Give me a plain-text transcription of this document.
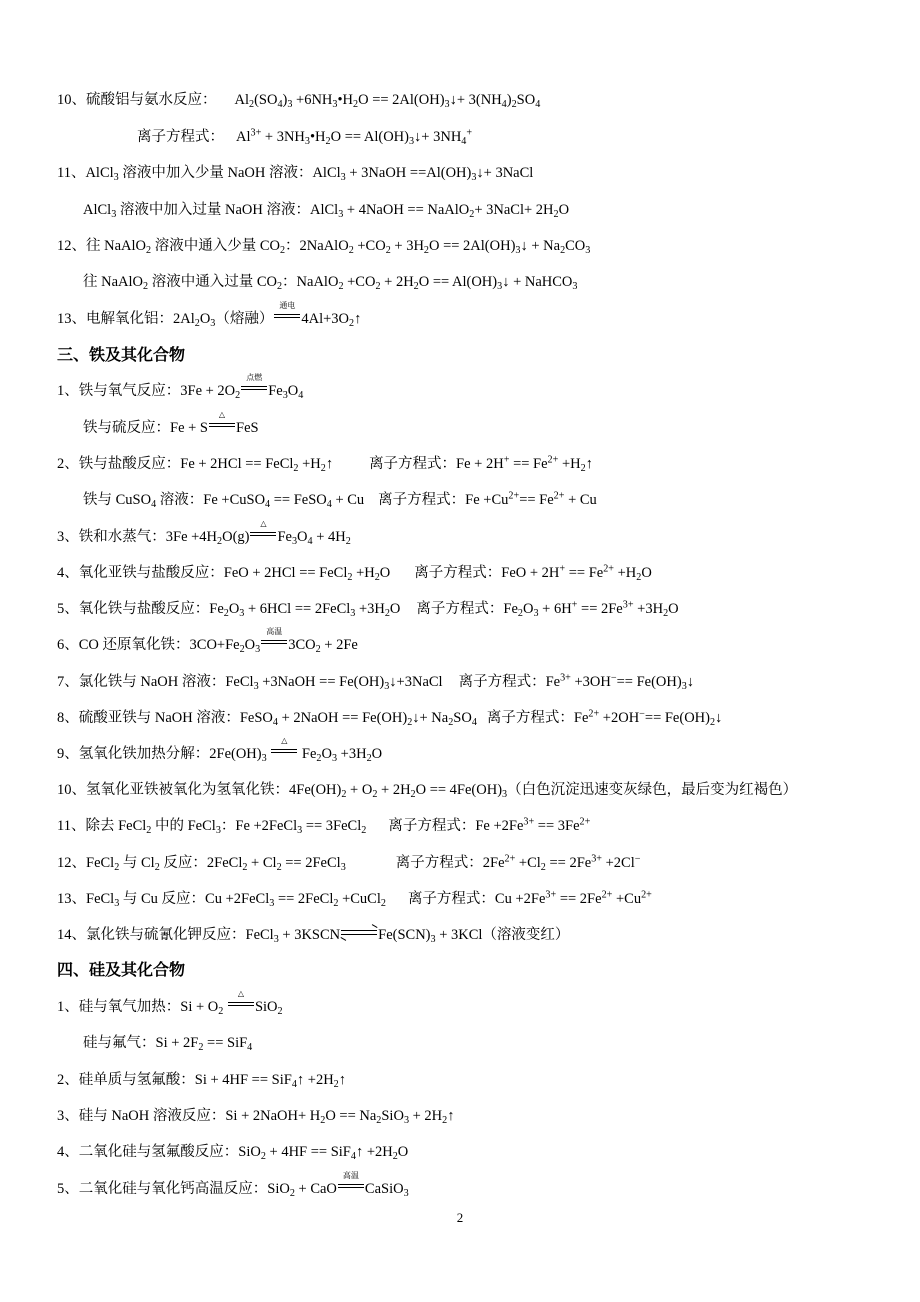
10、硫酸铝与氨水反应： $Al_2(SO_4)_3$ $+6NH_3•H_2O$ == $2Al(OH)_3↓+ 3(NH_4)_2SO_4$
离子方程式： $Al^{3+}$ + $3NH_3•H_2O$ == $Al(OH)_3↓+ 3NH_4^+$
11、AlCl$_3$ 溶液中加入少量 NaOH 溶液：AlCl$_3$ + 3NaOH $==Al(OH)_3↓+$ 3NaCl
AlCl$_3$ 溶液中加入过量 NaOH 溶液：AlCl$_3$ + 4NaOH == NaAlO$_2$+ 3NaCl+ $2H_2O$
12、往 NaAlO$_2$ 溶液中通入少量 $CO_2$：2NaAlO$_2$ $+CO_2 + 3H_2O$ == $2Al(OH)_3↓ + Na_2CO_3$
往 NaAlO$_2$ 溶液中通入过量 $CO_2$：NaAlO$_2$ $+CO_2 + 2H_2O$ == $Al(OH)_3↓$ + NaHCO$_3$
13、电解氧化铝：$2Al_2O_3$（熔融）
通电
$4Al+3O_2↑$
1、铁与氧气反应：$3Fe + 2O_2$
点燃
$Fe_3O_4$
铁与硫反应：Fe + S
△
FeS
2、铁与盐酸反应：Fe + 2HCl == FeCl$_2$ $+H_2↑$ 离子方程式：$Fe + 2H^+ == Fe^{2+}$ $+H_2↑$
铁与 CuSO$_4$ 溶液：Fe +CuSO$_4$ == FeSO$_4$ + Cu 离子方程式：$Fe +Cu^{2+}== Fe^{2+} + Cu$
3、铁和水蒸气：$3Fe +4H_2O(g)$
△
$Fe_3O_4 + 4H_2$
4、氧化亚铁与盐酸反应：FeO + 2HCl == FeCl$_2$ $+H_2O$ 离子方程式：FeO + $2H^+ == Fe^{2+} +H_2O$
5、氧化铁与盐酸反应：$Fe_2O_3 + 6HCl$ == 2FeCl$_3$ $+3H_2O$ 离子方程式：$Fe_2O_3 + 6H^+ == 2Fe^{3+} +3H_2O$
6、CO 还原氧化铁：$3CO+Fe_2O_3$
高温
$3CO_2 + 2Fe$
7、氯化铁与 NaOH 溶液：FeCl$_3$ +3NaOH == $Fe(OH)_3↓+3NaCl$ 离子方程式：$Fe^{3+} +3OH^-==$ $Fe(OH)_3↓$
8、硫酸亚铁与 NaOH 溶液：FeSO$_4$ + 2NaOH == $Fe(OH)_2↓+ Na_2SO_4$ 离子方程式：$Fe^{2+} +2OH^-==$ $Fe(OH)_2↓$
9、氢氧化铁加热分解：$2Fe(OH)_3$
△
$Fe_2O_3 +3H_2O$
10、氢氧化亚铁被氧化为氢氧化铁：$4Fe(OH)_2 + O_2 + 2H_2O == 4Fe(OH)_3$（白色沉淀迅速变灰绿色，最后变为红褐色）
11、除去 FeCl$_2$ 中的 FeCl$_3$：Fe +2FeCl$_3$ == 3FeCl$_2$ 离子方程式：$Fe +2Fe^{3+} == 3Fe^{2+}$
12、FeCl$_2$ 与 $Cl_2$ 反应：2FeCl$_2$ + $Cl_2$ == 2FeCl$_3$	离子方程式：$2Fe^{2+} +Cl_2 == 2Fe^{3+} +2Cl^-$
13、FeCl$_3$ 与 Cu 反应：Cu +2FeCl$_3$ == 2FeCl$_2$ +CuCl$_2$ 离子方程式：$Cu +2Fe^{3+} == 2Fe^{2+} +Cu^{2+}$
14、氯化铁与硫氰化钾反应：FeCl$_3$ + $3KSCN\rightleftharpoons Fe(SCN)_3 + 3KCl$（溶液变红）
1、硅与氧气加热：$Si + O_2$
△
SiO$_2$
硅与氟气：$Si + 2F_2 == SiF_4$
2、硅单质与氢氟酸：Si + 4HF == SiF$_4$↑ $+2H_2↑$
3、硅与 NaOH 溶液反应：Si + 2NaOH+ $H_2O == Na_2SiO_3$ + $2H_2↑$
4、二氧化硅与氢氟酸反应：SiO$_2$ + 4HF == SiF$_4$↑ $+2H_2O$
5、二氧化硅与氧化钙高温反应：SiO$_2$ + CaO
高温
CaSiO$_3$
三、铁及其化合物
四、硅及其化合物
2
